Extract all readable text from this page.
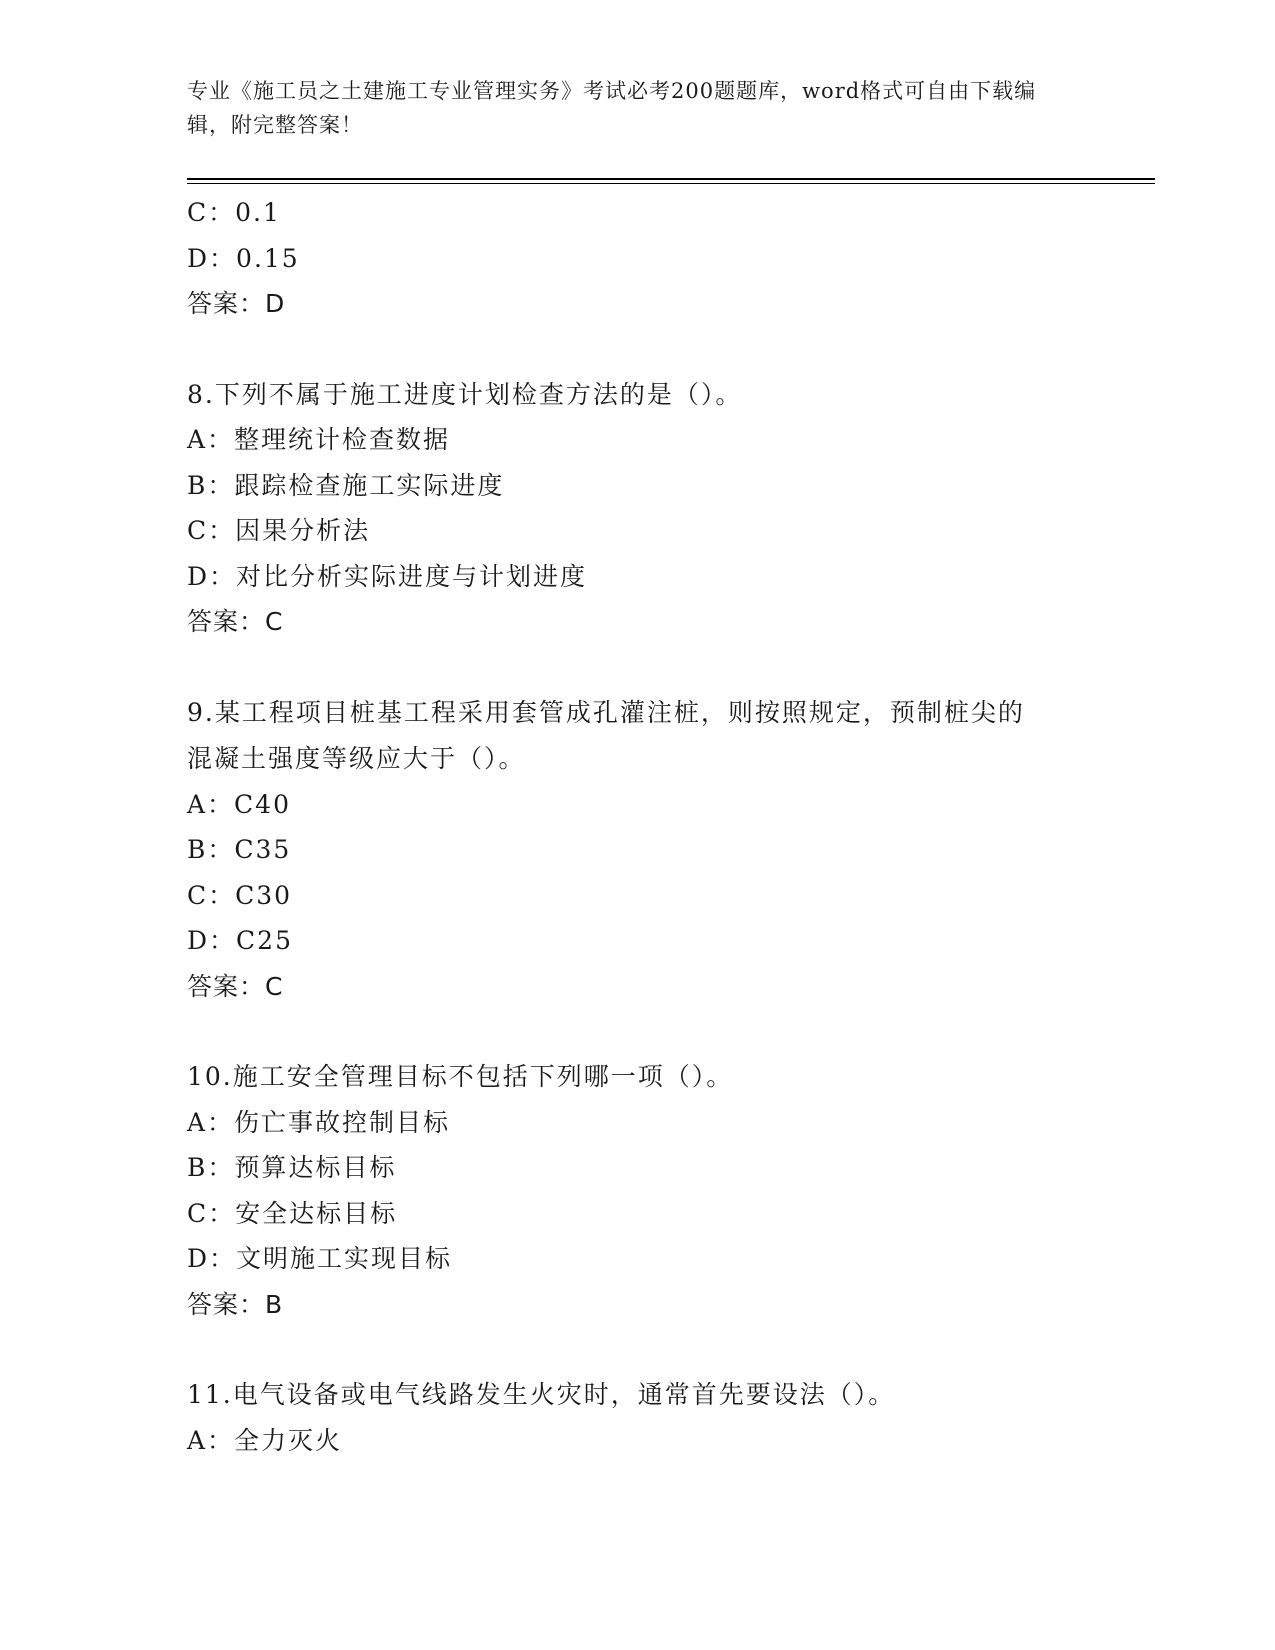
专业《施工员之土建施工专业管理实务》考试必考200题题库，word格式可自由下载编辑，附完整答案！
C：0.1
D：0.15
答案：D
8.下列不属于施工进度计划检查方法的是（）。
A：整理统计检查数据
B：跟踪检查施工实际进度
C：因果分析法
D：对比分析实际进度与计划进度
答案：C
9.某工程项目桩基工程采用套管成孔灌注桩，则按照规定，预制桩尖的混凝土强度等级应大于（）。
A：C40
B：C35
C：C30
D：C25
答案：C
10.施工安全管理目标不包括下列哪一项（）。
A：伤亡事故控制目标
B：预算达标目标
C：安全达标目标
D：文明施工实现目标
答案：B
11.电气设备或电气线路发生火灾时，通常首先要设法（）。
A：全力灭火
